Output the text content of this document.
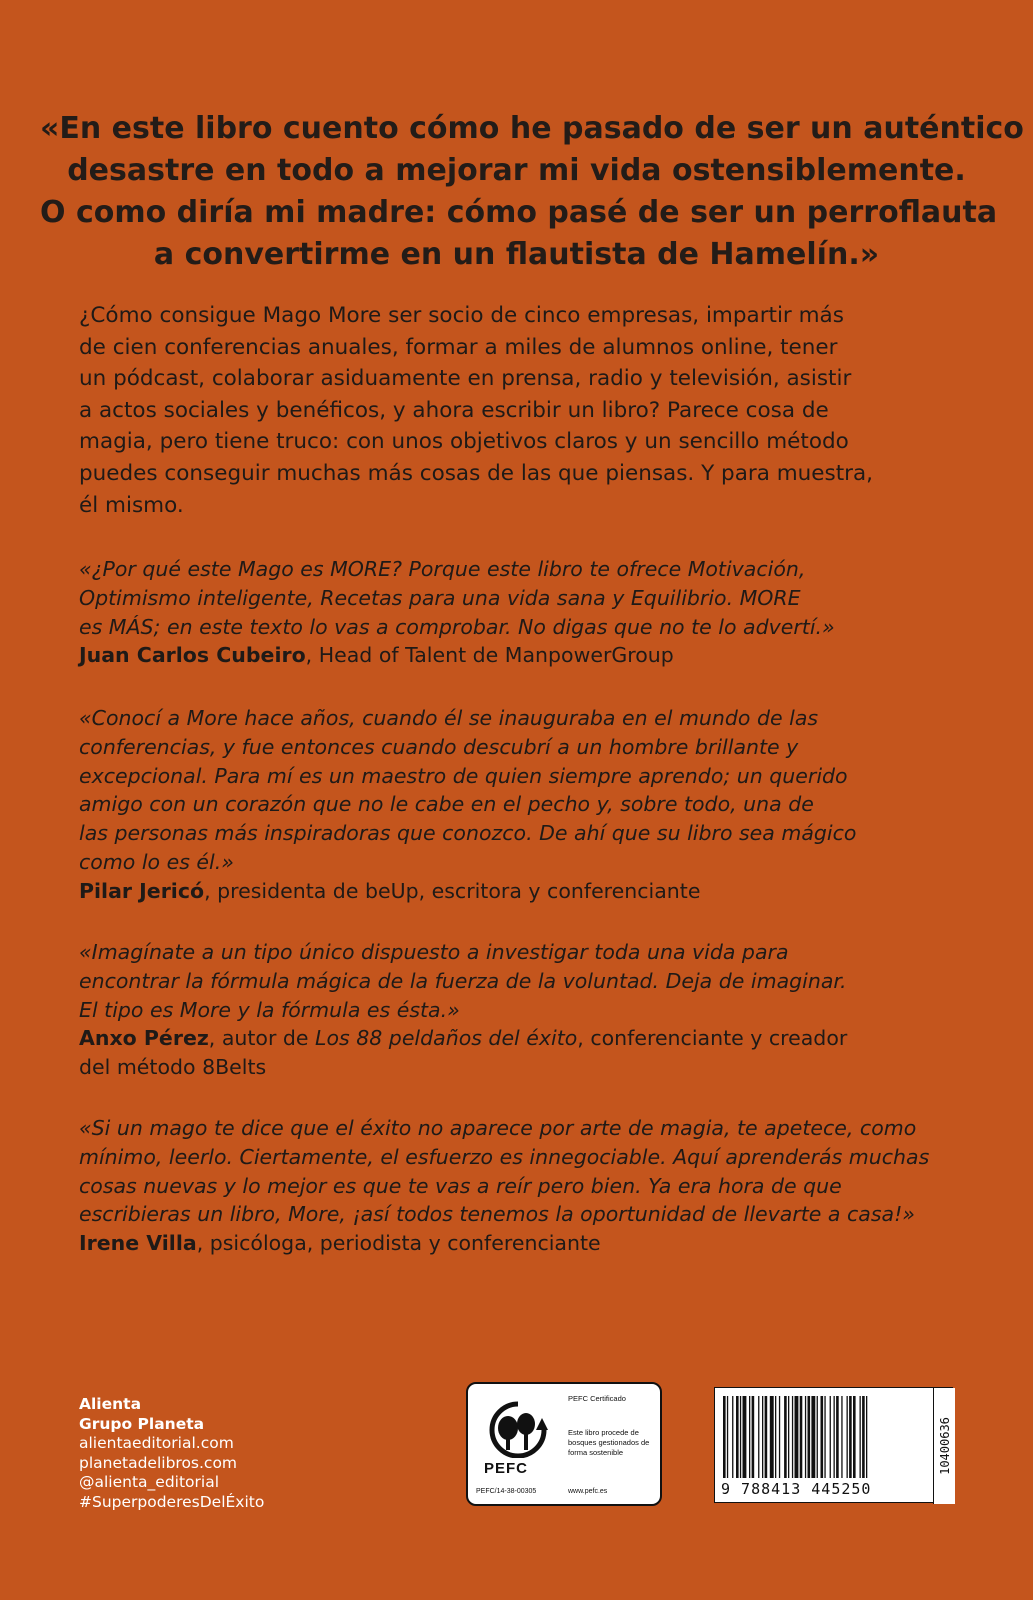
«En este libro cuento cómo he pasado de ser un auténtico
desastre en todo a mejorar mi vida ostensiblemente.
O como diría mi madre: cómo pasé de ser un perroflauta
a convertirme en un flautista de Hamelín.»
¿Cómo consigue Mago More ser socio de cinco empresas, impartir más
de cien conferencias anuales, formar a miles de alumnos online, tener
un pódcast, colaborar asiduamente en prensa, radio y televisión, asistir
a actos sociales y benéficos, y ahora escribir un libro? Parece cosa de
magia, pero tiene truco: con unos objetivos claros y un sencillo método
puedes conseguir muchas más cosas de las que piensas. Y para muestra,
él mismo.
«¿Por qué este Mago es MORE? Porque este libro te ofrece Motivación,
Optimismo inteligente, Recetas para una vida sana y Equilibrio. MORE
es MÁS; en este texto lo vas a comprobar. No digas que no te lo advertí.»
Juan Carlos Cubeiro, Head of Talent de ManpowerGroup
«Conocí a More hace años, cuando él se inauguraba en el mundo de las
conferencias, y fue entonces cuando descubrí a un hombre brillante y
excepcional. Para mí es un maestro de quien siempre aprendo; un querido
amigo con un corazón que no le cabe en el pecho y, sobre todo, una de
las personas más inspiradoras que conozco. De ahí que su libro sea mágico
como lo es él.»
Pilar Jericó, presidenta de beUp, escritora y conferenciante
«Imagínate a un tipo único dispuesto a investigar toda una vida para
encontrar la fórmula mágica de la fuerza de la voluntad. Deja de imaginar.
El tipo es More y la fórmula es ésta.»
Anxo Pérez, autor de Los 88 peldaños del éxito, conferenciante y creador
del método 8Belts
«Si un mago te dice que el éxito no aparece por arte de magia, te apetece, como
mínimo, leerlo. Ciertamente, el esfuerzo es innegociable. Aquí aprenderás muchas
cosas nuevas y lo mejor es que te vas a reír pero bien. Ya era hora de que
escribieras un libro, More, ¡así todos tenemos la oportunidad de llevarte a casa!»
Irene Villa, psicóloga, periodista y conferenciante
Alienta
Grupo Planeta
alientaeditorial.com
planetadelibros.com
@alienta_editorial
#SuperpoderesDelÉxito
PEFC
PEFC Certificado
Este libro procede de bosques gestionados de forma sostenible
PEFC/14-38-00305	www.pefc.es	9 788413 445250
10400636
